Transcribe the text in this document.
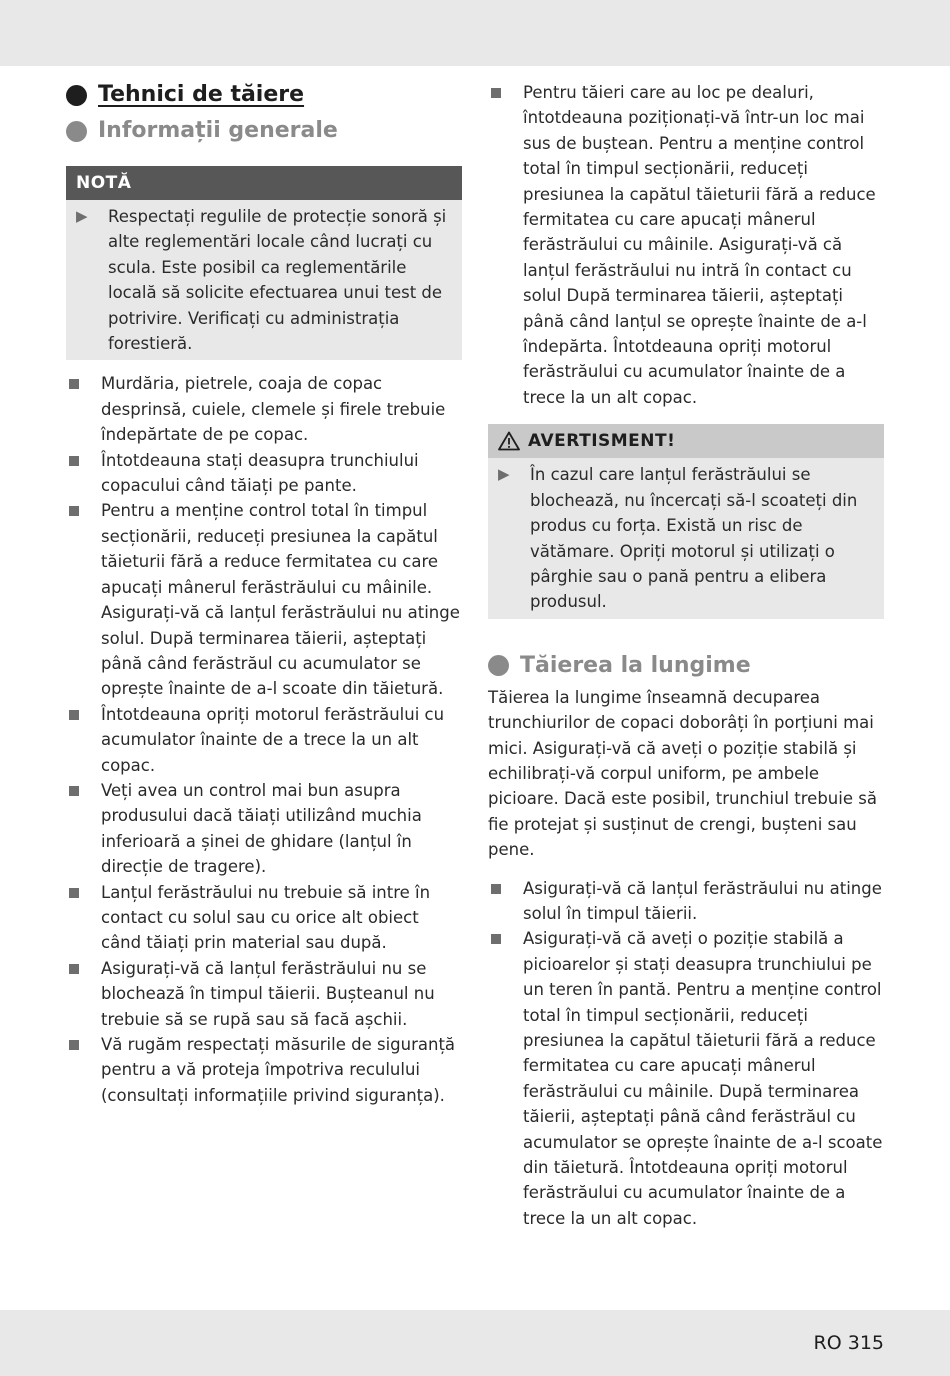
Tehnici de tăiere
Informații generale
NOTĂ
▶	Respectați regulile de protecție sonoră și alte reglementări locale când lucrați cu scula. Este posibil ca reglementările locală să solicite efectuarea unui test de potrivire. Verificați cu administrația forestieră.
Murdăria, pietrele, coaja de copac desprinsă, cuiele, clemele și firele trebuie îndepărtate de pe copac.
Întotdeauna stați deasupra trunchiului copacului când tăiați pe pante.
Pentru a menține control total în timpul secționării, reduceți presiunea la capătul tăieturii fără a reduce fermitatea cu care apucați mânerul ferăstrăului cu mâinile. Asigurați-vă că lanțul ferăstrăului nu atinge solul. După terminarea tăierii, așteptați până când ferăstrăul cu acumulator se oprește înainte de a-l scoate din tăietură.
Întotdeauna opriți motorul ferăstrăului cu acumulator înainte de a trece la un alt copac.
Veți avea un control mai bun asupra produsului dacă tăiați utilizând muchia inferioară a șinei de ghidare (lanțul în direcție de tragere).
Lanțul ferăstrăului nu trebuie să intre în contact cu solul sau cu orice alt obiect când tăiați prin material sau după.
Asigurați-vă că lanțul ferăstrăului nu se blochează în timpul tăierii. Bușteanul nu trebuie să se rupă sau să facă așchii.
Vă rugăm respectați măsurile de siguranță pentru a vă proteja împotriva reculului (consultați informațiile privind siguranța).
Pentru tăieri care au loc pe dealuri, întotdeauna poziționați-vă într-un loc mai sus de buștean. Pentru a menține control total în timpul secționării, reduceți presiunea la capătul tăieturii fără a reduce fermitatea cu care apucați mânerul ferăstrăului cu mâinile. Asigurați-vă că lanțul ferăstrăului nu intră în contact cu solul După terminarea tăierii, așteptați până când lanțul se oprește înainte de a-l îndepărta. Întotdeauna opriți motorul ferăstrăului cu acumulator înainte de a trece la un alt copac.
AVERTISMENT!
▶	În cazul care lanțul ferăstrăului se blochează, nu încercați să-l scoateți din produs cu forța. Există un risc de vătămare. Opriți motorul și utilizați o pârghie sau o pană pentru a elibera produsul.
Tăierea la lungime

Tăierea la lungime înseamnă decuparea trunchiurilor de copaci doborâți în porțiuni mai mici. Asigurați-vă că aveți o poziție stabilă și echilibrați-vă corpul uniform, pe ambele picioare. Dacă este posibil, trunchiul trebuie să fie protejat și susținut de crengi, bușteni sau pene.

Asigurați-vă că lanțul ferăstrăului nu atinge solul în timpul tăierii.
Asigurați-vă că aveți o poziție stabilă a picioarelor și stați deasupra trunchiului pe un teren în pantă. Pentru a menține control total în timpul secționării, reduceți presiunea la capătul tăieturii fără a reduce fermitatea cu care apucați mânerul ferăstrăului cu mâinile. După terminarea tăierii, așteptați până când ferăstrăul cu acumulator se oprește înainte de a-l scoate din tăietură. Întotdeauna opriți motorul ferăstrăului cu acumulator înainte de a trece la un alt copac.
RO 315
